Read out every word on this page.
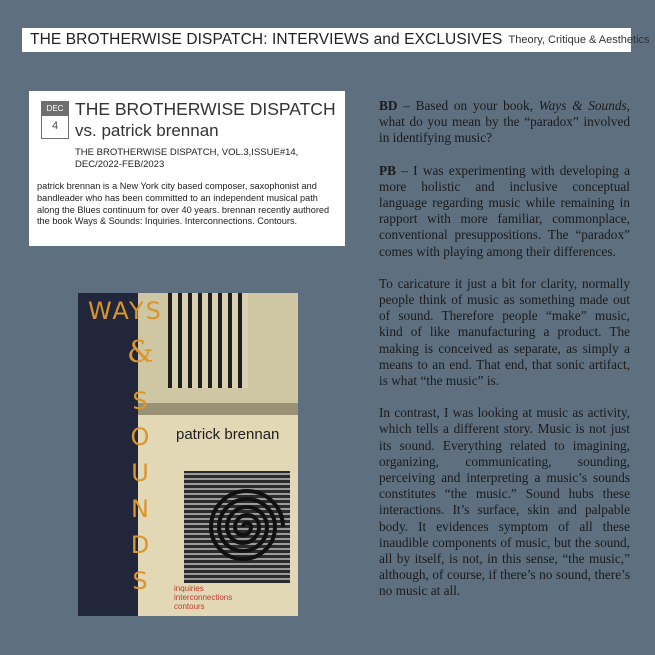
THE BROTHERWISE DISPATCH: INTERVIEWS and EXCLUSIVES Theory, Critique & Aesthetics
DEC
4
THE BROTHERWISE DISPATCH
vs. patrick brennan
THE BROTHERWISE DISPATCH, VOL.3,ISSUE#14, DEC/2022-FEB/2023
patrick brennan is a New York city based composer, saxophonist and bandleader who has been committed to an independent musical path along the Blues continuum for over 40 years. brennan recently authored the book Ways & Sounds: Inquiries. Interconnections. Contours.
WAYS
&
S
O
U
N
D
S
patrick brennan
inquiries
interconnections
contours

BD – Based on your book, Ways & Sounds, what do you mean by the “paradox” involved in identifying music?

PB – I was experimenting with developing a more holistic and inclusive conceptual language regarding music while remaining in rapport with more familiar, commonplace, conventional presuppositions. The “paradox” comes with playing among their differences.

To caricature it just a bit for clarity, normally people think of music as something made out of sound. Therefore people “make” music, kind of like manufacturing a product. The making is conceived as separate, as simply a means to an end. That end, that sonic artifact, is what “the music” is.

In contrast, I was looking at music as activity, which tells a different story. Music is not just its sound. Everything related to imagining, organizing, communicating, sounding, perceiving and interpreting a music’s sounds constitutes “the music.” Sound hubs these interactions. It’s surface, skin and palpable body. It evidences symptom of all these inaudible components of music, but the sound, all by itself, is not, in this sense, “the music,” although, of course, if there’s no sound, there’s no music at all.
